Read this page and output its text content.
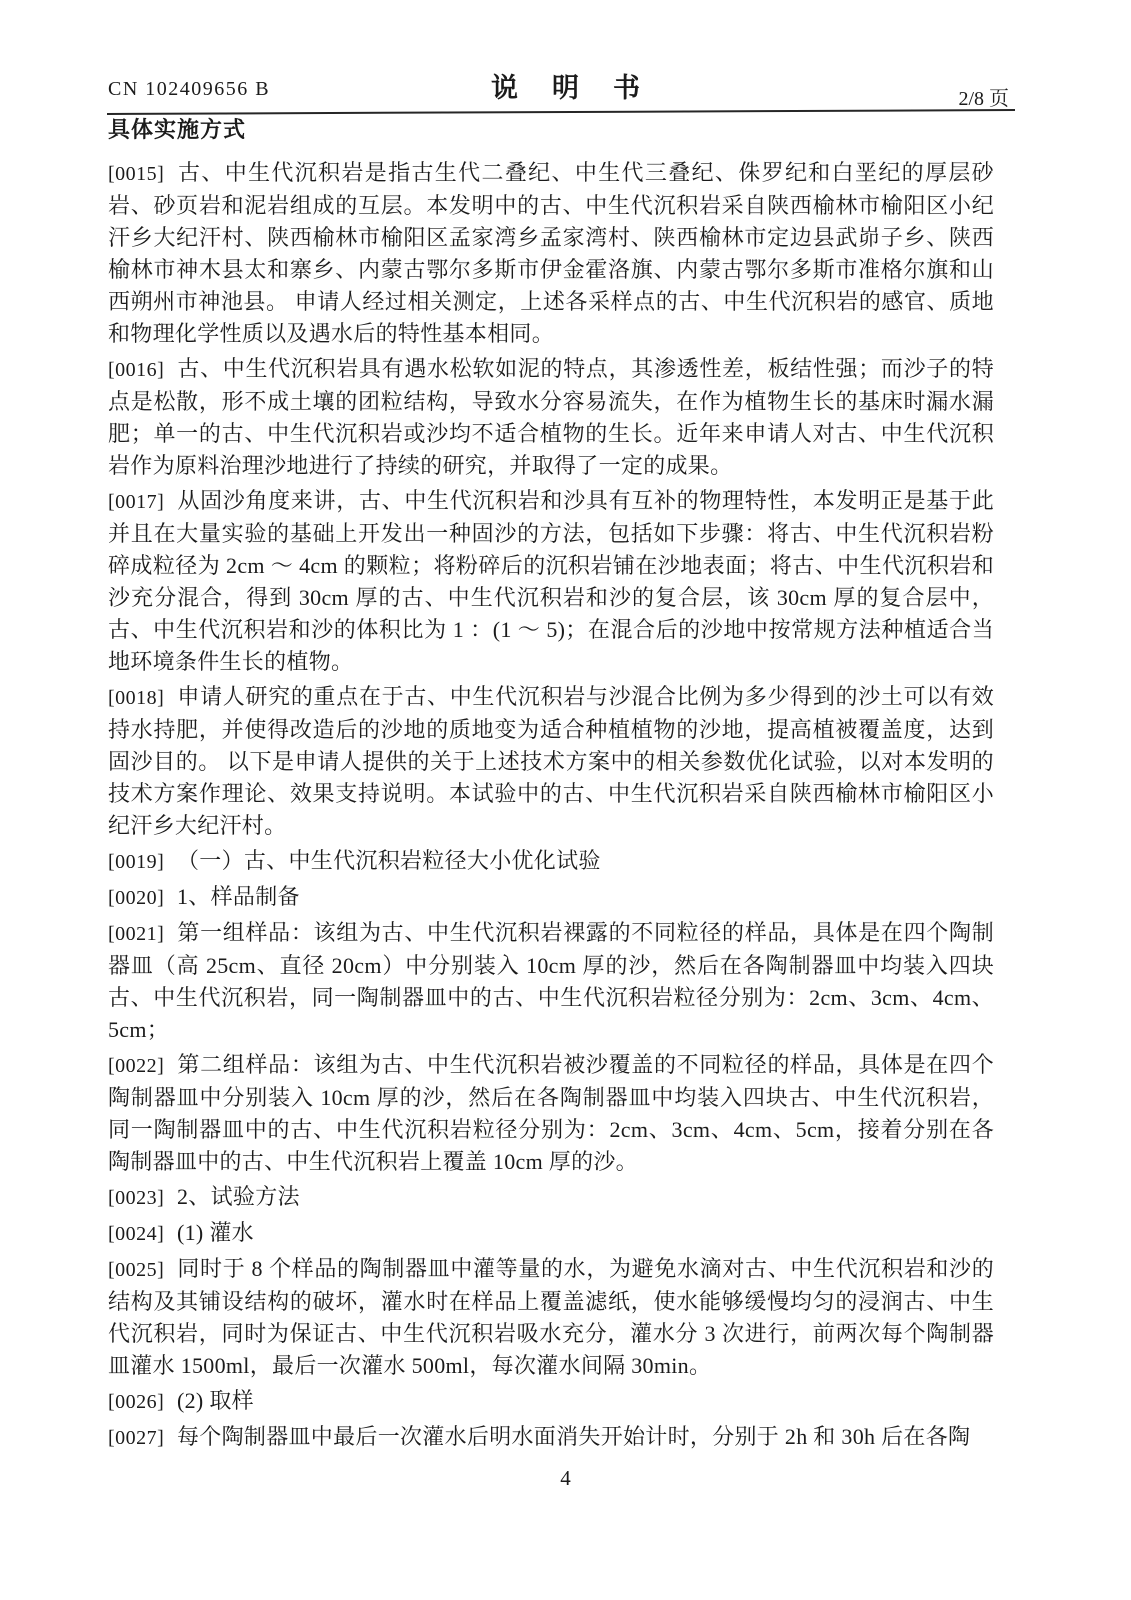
CN 102409656 B	说明书	2/8 页
具体实施方式

[0015] 古、中生代沉积岩是指古生代二叠纪、中生代三叠纪、侏罗纪和白垩纪的厚层砂岩、砂页岩和泥岩组成的互层。本发明中的古、中生代沉积岩采自陕西榆林市榆阳区小纪汗乡大纪汗村、陕西榆林市榆阳区孟家湾乡孟家湾村、陕西榆林市定边县武峁子乡、陕西榆林市神木县太和寨乡、内蒙古鄂尔多斯市伊金霍洛旗、内蒙古鄂尔多斯市准格尔旗和山西朔州市神池县。 申请人经过相关测定，上述各采样点的古、中生代沉积岩的感官、质地和物理化学性质以及遇水后的特性基本相同。

[0016] 古、中生代沉积岩具有遇水松软如泥的特点，其渗透性差，板结性强；而沙子的特点是松散，形不成土壤的团粒结构，导致水分容易流失，在作为植物生长的基床时漏水漏肥；单一的古、中生代沉积岩或沙均不适合植物的生长。近年来申请人对古、中生代沉积岩作为原料治理沙地进行了持续的研究，并取得了一定的成果。

[0017] 从固沙角度来讲，古、中生代沉积岩和沙具有互补的物理特性，本发明正是基于此并且在大量实验的基础上开发出一种固沙的方法，包括如下步骤：将古、中生代沉积岩粉碎成粒径为 2cm ～ 4cm 的颗粒；将粉碎后的沉积岩铺在沙地表面；将古、中生代沉积岩和沙充分混合，得到 30cm 厚的古、中生代沉积岩和沙的复合层，该 30cm 厚的复合层中，古、中生代沉积岩和沙的体积比为 1 ：(1 ～ 5)；在混合后的沙地中按常规方法种植适合当地环境条件生长的植物。

[0018] 申请人研究的重点在于古、中生代沉积岩与沙混合比例为多少得到的沙土可以有效持水持肥，并使得改造后的沙地的质地变为适合种植植物的沙地，提高植被覆盖度，达到固沙目的。 以下是申请人提供的关于上述技术方案中的相关参数优化试验，以对本发明的技术方案作理论、效果支持说明。本试验中的古、中生代沉积岩采自陕西榆林市榆阳区小纪汗乡大纪汗村。

[0019] （一）古、中生代沉积岩粒径大小优化试验

[0020] 1、样品制备

[0021] 第一组样品：该组为古、中生代沉积岩裸露的不同粒径的样品，具体是在四个陶制器皿（高 25cm、直径 20cm）中分别装入 10cm 厚的沙，然后在各陶制器皿中均装入四块古、中生代沉积岩，同一陶制器皿中的古、中生代沉积岩粒径分别为：2cm、3cm、4cm、5cm；

[0022] 第二组样品：该组为古、中生代沉积岩被沙覆盖的不同粒径的样品，具体是在四个陶制器皿中分别装入 10cm 厚的沙，然后在各陶制器皿中均装入四块古、中生代沉积岩，同一陶制器皿中的古、中生代沉积岩粒径分别为：2cm、3cm、4cm、5cm，接着分别在各陶制器皿中的古、中生代沉积岩上覆盖 10cm 厚的沙。

[0023] 2、试验方法

[0024] (1) 灌水

[0025] 同时于 8 个样品的陶制器皿中灌等量的水，为避免水滴对古、中生代沉积岩和沙的结构及其铺设结构的破坏，灌水时在样品上覆盖滤纸，使水能够缓慢均匀的浸润古、中生代沉积岩，同时为保证古、中生代沉积岩吸水充分，灌水分 3 次进行，前两次每个陶制器皿灌水 1500ml，最后一次灌水 500ml，每次灌水间隔 30min。

[0026] (2) 取样

[0027] 每个陶制器皿中最后一次灌水后明水面消失开始计时，分别于 2h 和 30h 后在各陶

4
